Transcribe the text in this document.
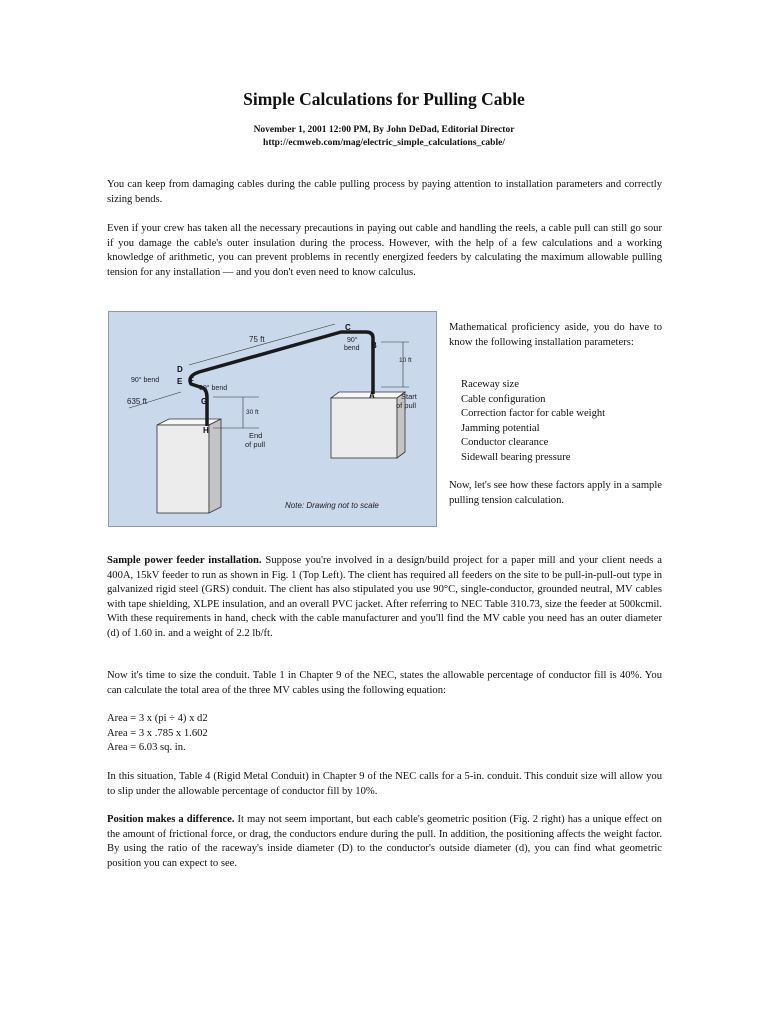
Simple Calculations for Pulling Cable
November 1, 2001 12:00 PM, By John DeDad, Editorial Director
http://ecmweb.com/mag/electric_simple_calculations_cable/

You can keep from damaging cables during the cable pulling process by paying attention to installation parameters and correctly sizing bends.

Even if your crew has taken all the necessary precautions in paying out cable and handling the reels, a cable pull can still go sour if you damage the cable's outer insulation during the process. However, with the help of a few calculations and a working knowledge of arithmetic, you can prevent problems in recently energized feeders by calculating the maximum allowable pulling tension for any installation — and you don't even need to know calculus.

75 ft
635 ft
10 ft
30 ft
90°
bend
90° bend
90° bend
Start
of pull
End
of pull
Note: Drawing not to scale
C
B
A
D
E F
G
H

Mathematical proficiency aside, you do have to know the following installation parameters:

Raceway size
Cable configuration
Correction factor for cable weight
Jamming potential
Conductor clearance
Sidewall bearing pressure

Now, let's see how these factors apply in a sample pulling tension calculation.

Sample power feeder installation. Suppose you're involved in a design/build project for a paper mill and your client needs a 400A, 15kV feeder to run as shown in Fig. 1 (Top Left). The client has required all feeders on the site to be pull-in-pull-out type in galvanized rigid steel (GRS) conduit. The client has also stipulated you use 90°C, single-conductor, grounded neutral, MV cables with tape shielding, XLPE insulation, and an overall PVC jacket. After referring to NEC Table 310.73, size the feeder at 500kcmil. With these requirements in hand, check with the cable manufacturer and you'll find the MV cable you need has an outer diameter (d) of 1.60 in. and a weight of 2.2 lb/ft.

Now it's time to size the conduit. Table 1 in Chapter 9 of the NEC, states the allowable percentage of conductor fill is 40%. You can calculate the total area of the three MV cables using the following equation:

Area = 3 x (pi ÷ 4) x d2
Area = 3 x .785 x 1.602
Area = 6.03 sq. in.

In this situation, Table 4 (Rigid Metal Conduit) in Chapter 9 of the NEC calls for a 5-in. conduit. This conduit size will allow you to slip under the allowable percentage of conductor fill by 10%.

Position makes a difference. It may not seem important, but each cable's geometric position (Fig. 2 right) has a unique effect on the amount of frictional force, or drag, the conductors endure during the pull. In addition, the positioning affects the weight factor. By using the ratio of the raceway's inside diameter (D) to the conductor's outside diameter (d), you can find what geometric position you can expect to see.
